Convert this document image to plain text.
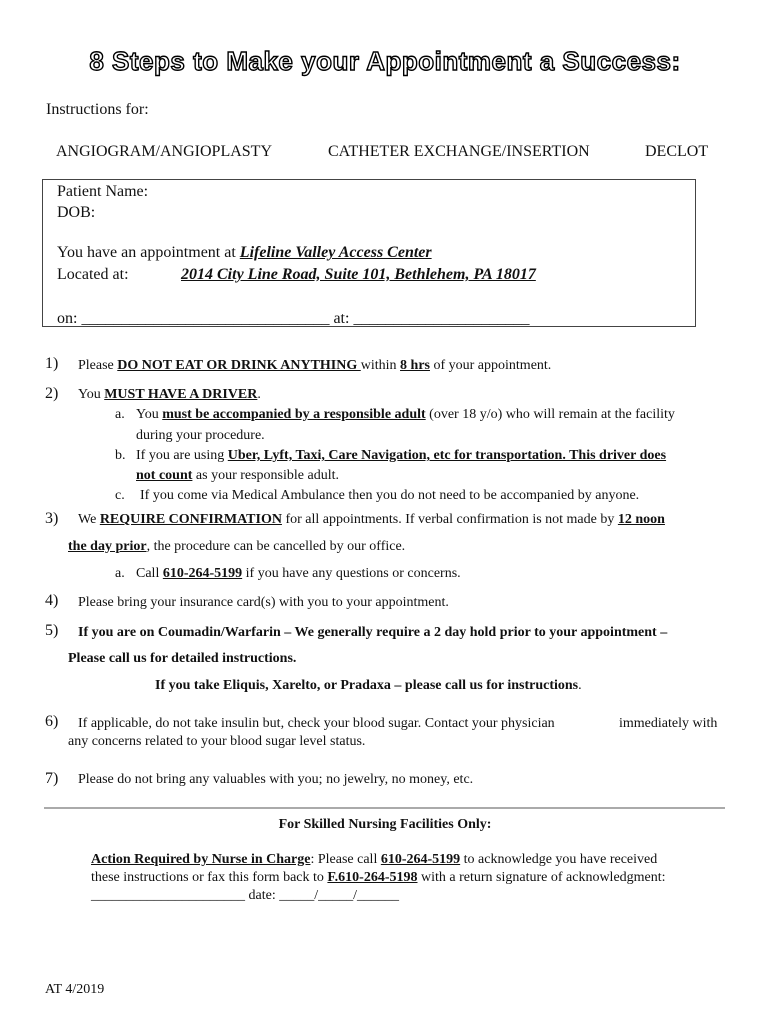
8 Steps to Make your Appointment a Success:
Instructions for:
ANGIOGRAM/ANGIOPLASTY	CATHETER EXCHANGE/INSERTION	DECLOT
Patient Name:
DOB:
You have an appointment at Lifeline Valley Access Center
Located at:	2014 City Line Road, Suite 101, Bethlehem, PA 18017
on: _______________________________ at: ______________________
1) Please DO NOT EAT OR DRINK ANYTHING within 8 hrs of your appointment.
2) You MUST HAVE A DRIVER.
a. You must be accompanied by a responsible adult (over 18 y/o) who will remain at the facility
during your procedure.
b. If you are using Uber, Lyft, Taxi, Care Navigation, etc for transportation. This driver does
not count as your responsible adult.
c. If you come via Medical Ambulance then you do not need to be accompanied by anyone.
3) We REQUIRE CONFIRMATION for all appointments. If verbal confirmation is not made by 12 noon
the day prior, the procedure can be cancelled by our office.
a. Call 610-264-5199 if you have any questions or concerns.
4) Please bring your insurance card(s) with you to your appointment.
5) If you are on Coumadin/Warfarin – We generally require a 2 day hold prior to your appointment –
Please call us for detailed instructions.
If you take Eliquis, Xarelto, or Pradaxa – please call us for instructions.
6) If applicable, do not take insulin but, check your blood sugar. Contact your physician	immediately with
any concerns related to your blood sugar level status.
7) Please do not bring any valuables with you; no jewelry, no money, etc.
For Skilled Nursing Facilities Only:
Action Required by Nurse in Charge: Please call 610-264-5199 to acknowledge you have received
these instructions or fax this form back to F.610-264-5198 with a return signature of acknowledgment:
______________________ date: _____/_____/______
AT 4/2019
